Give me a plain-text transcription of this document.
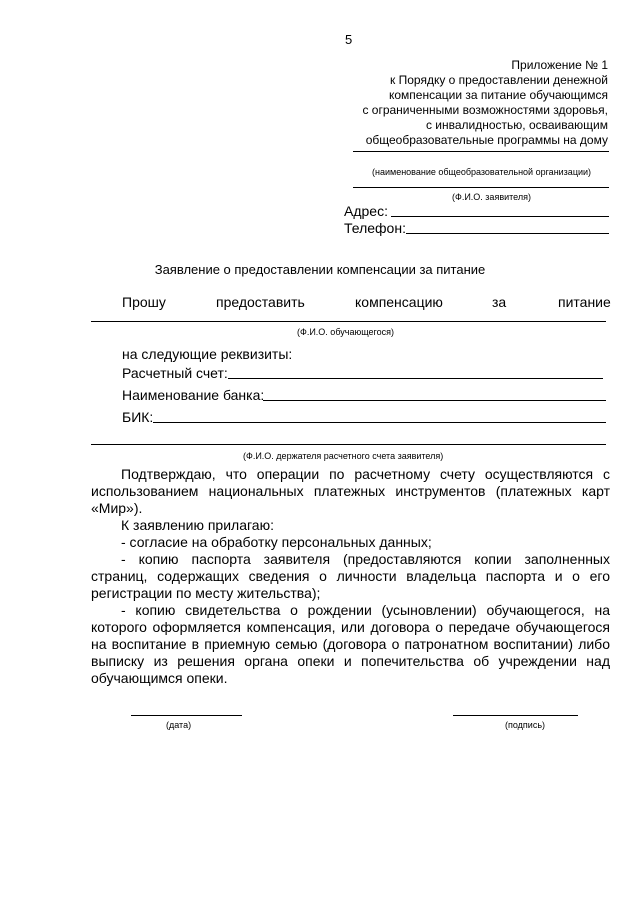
5
Приложение № 1
к Порядку о предоставлении денежной
компенсации за питание обучающимся
с ограниченными возможностями здоровья,
с инвалидностью, осваивающим
общеобразовательные программы на дому
(наименование общеобразовательной организации)
(Ф.И.О. заявителя)
Адрес:
Телефон:
Заявление о предоставлении компенсации за питание
Прошу	предоставить	компенсацию	за	питание
(Ф.И.О. обучающегося)
на следующие реквизиты:
Расчетный счет:
Наименование банка:
БИК:
(Ф.И.О. держателя расчетного счета заявителя)

Подтверждаю, что операции по расчетному счету осуществляются с использованием национальных платежных инструментов (платежных карт «Мир»).

К заявлению прилагаю:

- согласие на обработку персональных данных;

- копию паспорта заявителя (предоставляются копии заполненных страниц, содержащих сведения о личности владельца паспорта и о его регистрации по месту жительства);

- копию свидетельства о рождении (усыновлении) обучающегося, на которого оформляется компенсация, или договора о передаче обучающегося на воспитание в приемную семью (договора о патронатном воспитании) либо выписку из решения органа опеки и попечительства об учреждении над обучающимся опеки.

(дата)	(подпись)
